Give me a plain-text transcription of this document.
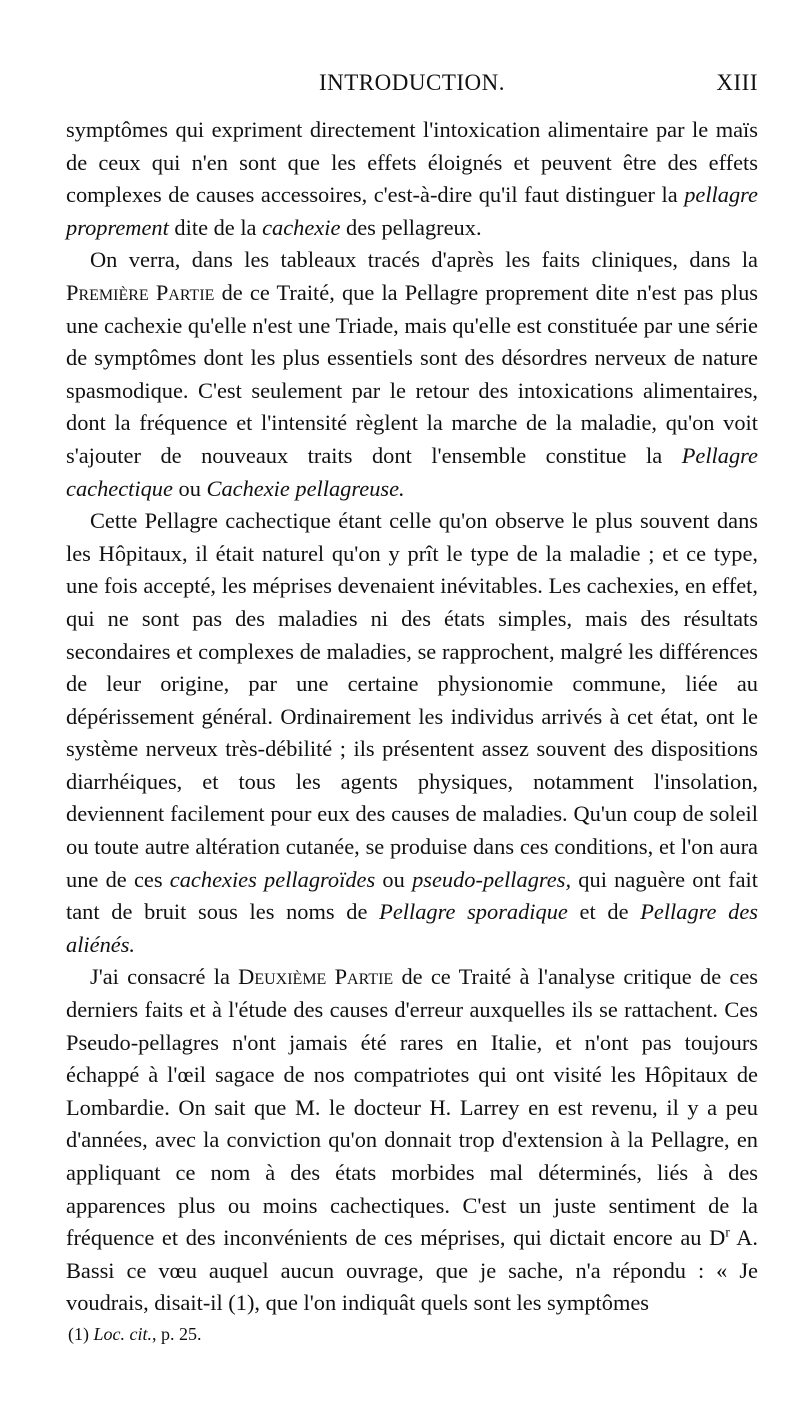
INTRODUCTION.	XIII

symptômes qui expriment directement l'intoxication alimentaire par le maïs de ceux qui n'en sont que les effets éloignés et peuvent être des effets complexes de causes accessoires, c'est-à-dire qu'il faut distinguer la pellagre proprement dite de la cachexie des pellagreux.

On verra, dans les tableaux tracés d'après les faits cliniques, dans la Première Partie de ce Traité, que la Pellagre proprement dite n'est pas plus une cachexie qu'elle n'est une Triade, mais qu'elle est constituée par une série de symptômes dont les plus essentiels sont des désordres nerveux de nature spasmodique. C'est seulement par le retour des intoxications alimentaires, dont la fréquence et l'intensité règlent la marche de la maladie, qu'on voit s'ajouter de nouveaux traits dont l'ensemble constitue la Pellagre cachectique ou Cachexie pellagreuse.

Cette Pellagre cachectique étant celle qu'on observe le plus souvent dans les Hôpitaux, il était naturel qu'on y prît le type de la maladie ; et ce type, une fois accepté, les méprises devenaient inévitables. Les cachexies, en effet, qui ne sont pas des maladies ni des états simples, mais des résultats secondaires et complexes de maladies, se rapprochent, malgré les différences de leur origine, par une certaine physionomie commune, liée au dépérissement général. Ordinairement les individus arrivés à cet état, ont le système nerveux très-débilité ; ils présentent assez souvent des dispositions diarrhéiques, et tous les agents physiques, notamment l'insolation, deviennent facilement pour eux des causes de maladies. Qu'un coup de soleil ou toute autre altération cutanée, se produise dans ces conditions, et l'on aura une de ces cachexies pellagroïdes ou pseudo-pellagres, qui naguère ont fait tant de bruit sous les noms de Pellagre sporadique et de Pellagre des aliénés.

J'ai consacré la Deuxième Partie de ce Traité à l'analyse critique de ces derniers faits et à l'étude des causes d'erreur auxquelles ils se rattachent. Ces Pseudo-pellagres n'ont jamais été rares en Italie, et n'ont pas toujours échappé à l'œil sagace de nos compatriotes qui ont visité les Hôpitaux de Lombardie. On sait que M. le docteur H. Larrey en est revenu, il y a peu d'années, avec la conviction qu'on donnait trop d'extension à la Pellagre, en appliquant ce nom à des états morbides mal déterminés, liés à des apparences plus ou moins cachectiques. C'est un juste sentiment de la fréquence et des inconvénients de ces méprises, qui dictait encore au $D^r$ A. Bassi ce vœu auquel aucun ouvrage, que je sache, n'a répondu : « Je voudrais, disait-il (1), que l'on indiquât quels sont les symptômes

(1) Loc. cit., p. 25.
